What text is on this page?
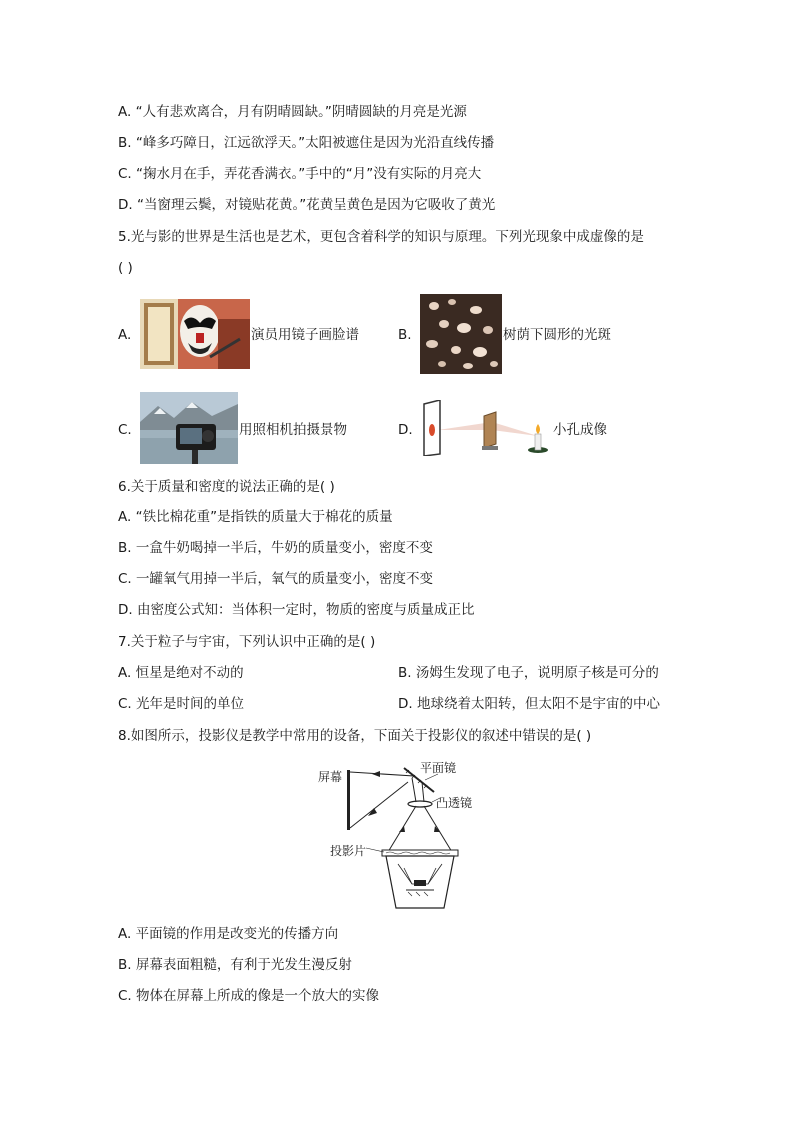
A. “人有悲欢离合，月有阴晴圆缺。”阴晴圆缺的月亮是光源
B. “峰多巧障日，江远欲浮天。”太阳被遮住是因为光沿直线传播
C. “掬水月在手，弄花香满衣。”手中的“月”没有实际的月亮大
D. “当窗理云鬓，对镜贴花黄。”花黄呈黄色是因为它吸收了黄光
5.光与影的世界是生活也是艺术，更包含着科学的知识与原理。下列光现象中成虚像的是
( )
A.	演员用镜子画脸谱	B.	树荫下圆形的光斑
C.	用照相机拍摄景物	D.	小孔成像
6.关于质量和密度的说法正确的是( )
A. “铁比棉花重”是指铁的质量大于棉花的质量
B. 一盒牛奶喝掉一半后，牛奶的质量变小，密度不变
C. 一罐氧气用掉一半后，氧气的质量变小，密度不变
D. 由密度公式知：当体积一定时，物质的密度与质量成正比
7.关于粒子与宇宙，下列认识中正确的是( )
A. 恒星是绝对不动的	B. 汤姆生发现了电子，说明原子核是可分的
C. 光年是时间的单位	D. 地球绕着太阳转，但太阳不是宇宙的中心
8.如图所示，投影仪是教学中常用的设备，下面关于投影仪的叙述中错误的是( )
屏幕
平面镜
凸透镜
投影片
A. 平面镜的作用是改变光的传播方向
B. 屏幕表面粗糙，有利于光发生漫反射
C. 物体在屏幕上所成的像是一个放大的实像
